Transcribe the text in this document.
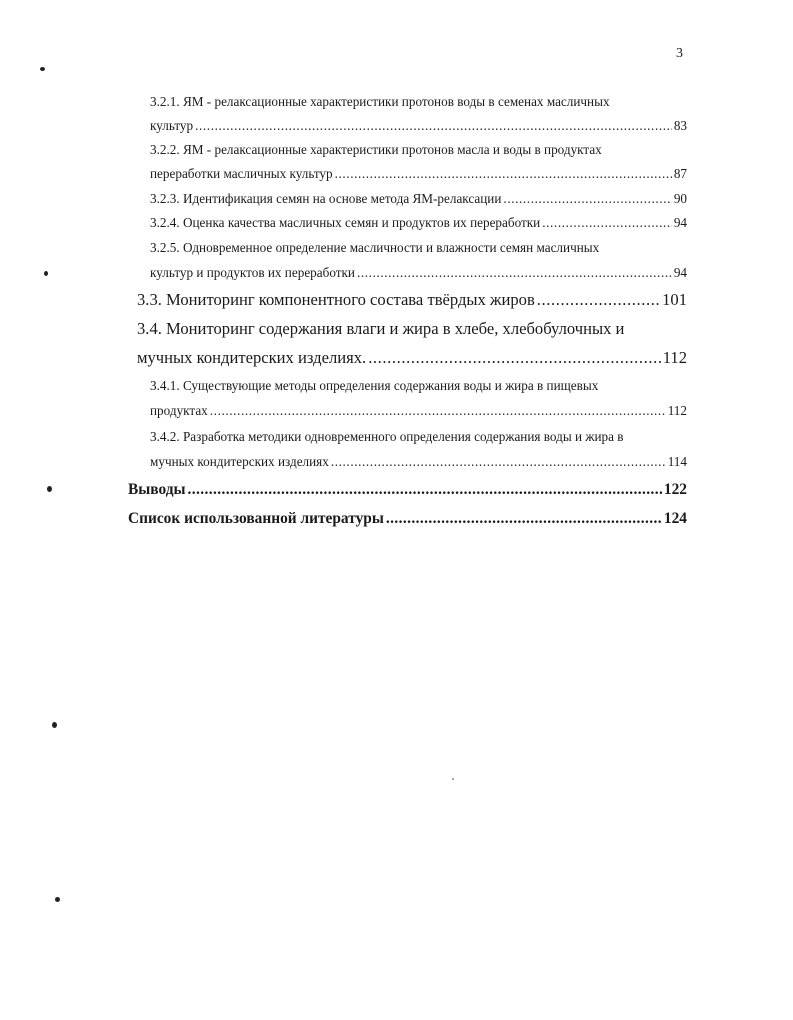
3
3.2.1. ЯМ - релаксационные характеристики протонов воды в семенах масличных
культур .....	83
3.2.2. ЯМ - релаксационные характеристики протонов масла и воды в продуктах
переработки масличных культур .....	87
3.2.3. Идентификация семян на основе метода ЯМ-релаксации .....	90
3.2.4. Оценка качества масличных семян и продуктов их переработки .....	94
3.2.5. Одновременное определение масличности и влажности семян масличных
культур и продуктов их переработки .....	94
3.3. Мониторинг компонентного состава твёрдых жиров .....	101
3.4. Мониторинг содержания влаги и жира в хлебе, хлебобулочных и
мучных кондитерских изделиях. .....	112
3.4.1. Существующие методы определения содержания воды и жира в пищевых
продуктах .....	112
3.4.2. Разработка методики одновременного определения содержания воды и жира в
мучных кондитерских изделиях .....	114
Выводы .....	122
Список использованной литературы .....	124
